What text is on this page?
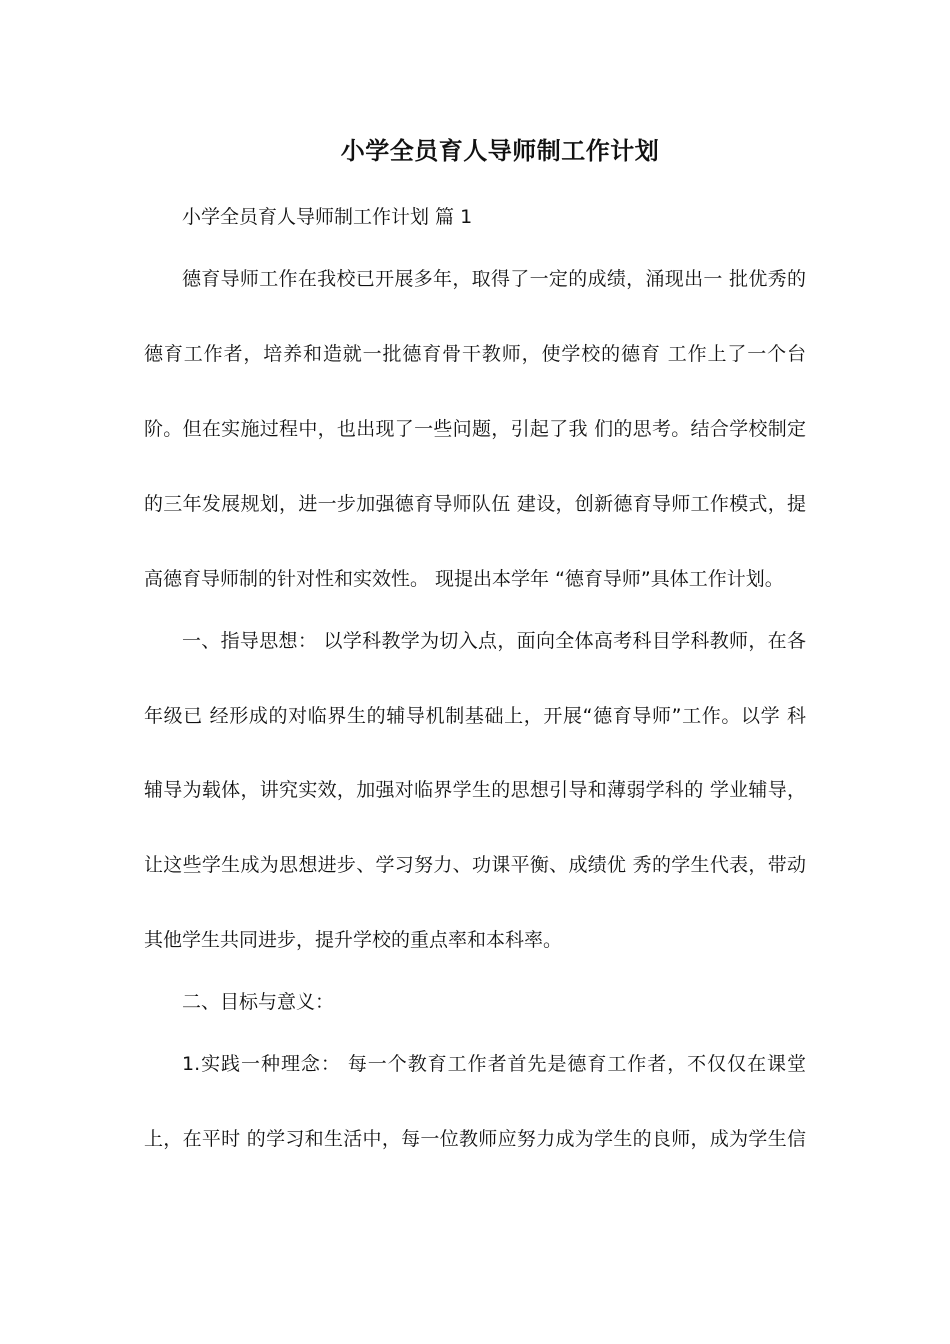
小学全员育人导师制工作计划
小学全员育人导师制工作计划 篇 1
德育导师工作在我校已开展多年，取得了一定的成绩，涌现出一 批优秀的
德育工作者，培养和造就一批德育骨干教师，使学校的德育 工作上了一个台
阶。但在实施过程中，也出现了一些问题，引起了我 们的思考。结合学校制定
的三年发展规划，进一步加强德育导师队伍 建设，创新德育导师工作模式，提
高德育导师制的针对性和实效性。 现提出本学年 “德育导师”具体工作计划。
一、指导思想： 以学科教学为切入点，面向全体高考科目学科教师，在各
年级已 经形成的对临界生的辅导机制基础上，开展“德育导师”工作。以学 科
辅导为载体，讲究实效，加强对临界学生的思想引导和薄弱学科的 学业辅导，
让这些学生成为思想进步、学习努力、功课平衡、成绩优 秀的学生代表，带动
其他学生共同进步，提升学校的重点率和本科率。
二、目标与意义：
1.实践一种理念： 每一个教育工作者首先是德育工作者，不仅仅在课堂
上，在平时 的学习和生活中，每一位教师应努力成为学生的良师，成为学生信
